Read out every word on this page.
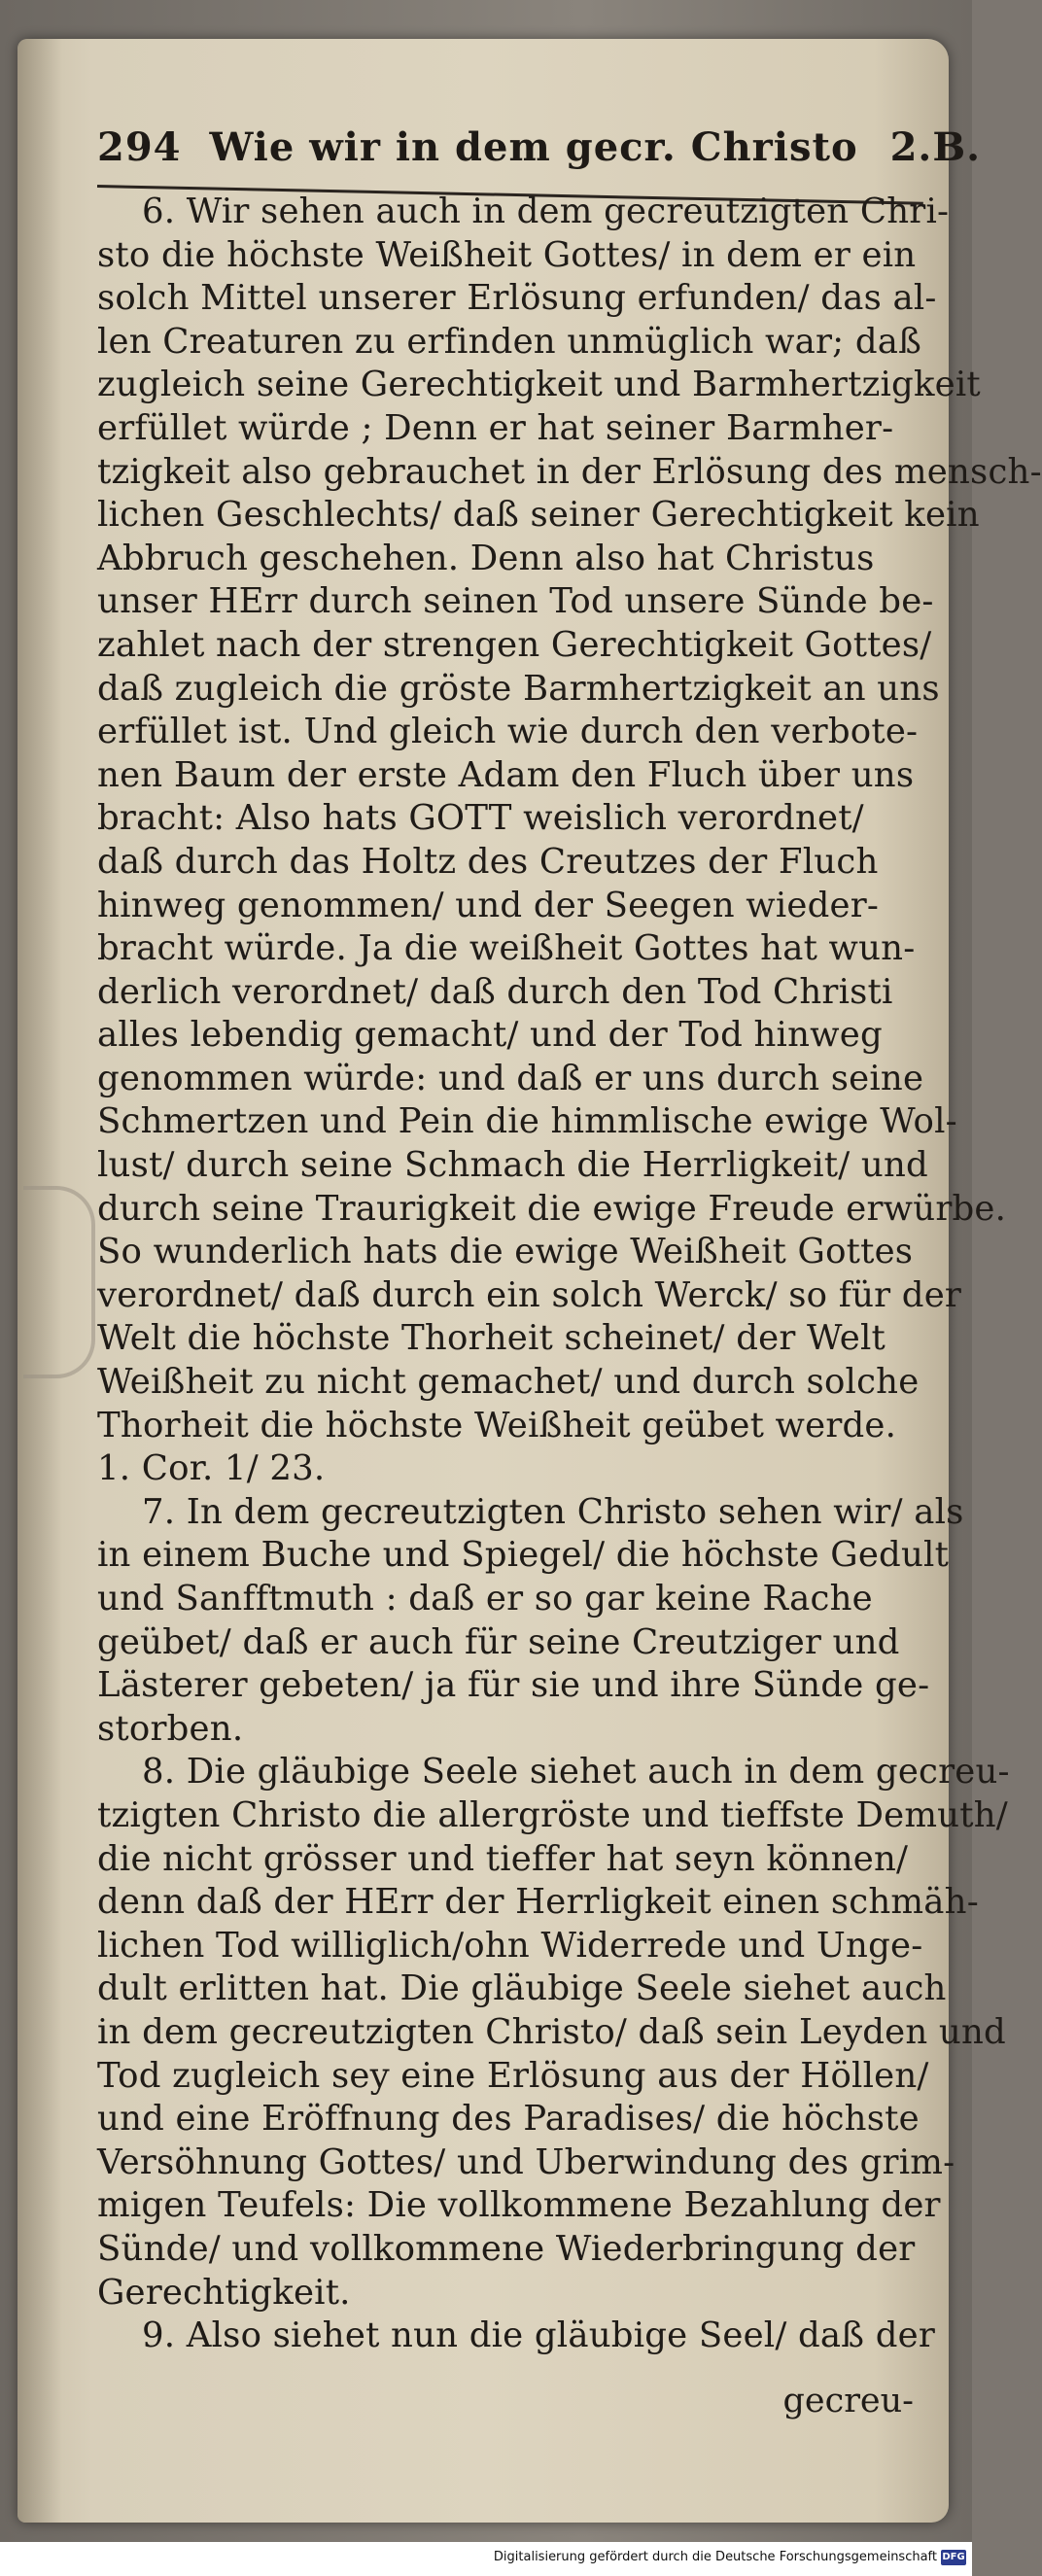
294 Wie wir in dem gecr. Christo 2.B.
6. Wir sehen auch in dem gecreutzigten Chri-
sto die höchste Weißheit Gottes/ in dem er ein
solch Mittel unserer Erlösung erfunden/ das al-
len Creaturen zu erfinden unmüglich war; daß
zugleich seine Gerechtigkeit und Barmhertzigkeit
erfüllet würde ; Denn er hat seiner Barmher-
tzigkeit also gebrauchet in der Erlösung des mensch-
lichen Geschlechts/ daß seiner Gerechtigkeit kein
Abbruch geschehen. Denn also hat Christus
unser HErr durch seinen Tod unsere Sünde be-
zahlet nach der strengen Gerechtigkeit Gottes/
daß zugleich die gröste Barmhertzigkeit an uns
erfüllet ist. Und gleich wie durch den verbote-
nen Baum der erste Adam den Fluch über uns
bracht: Also hats GOTT weislich verordnet/
daß durch das Holtz des Creutzes der Fluch
hinweg genommen/ und der Seegen wieder-
bracht würde. Ja die weißheit Gottes hat wun-
derlich verordnet/ daß durch den Tod Christi
alles lebendig gemacht/ und der Tod hinweg
genommen würde: und daß er uns durch seine
Schmertzen und Pein die himmlische ewige Wol-
lust/ durch seine Schmach die Herrligkeit/ und
durch seine Traurigkeit die ewige Freude erwürbe.
So wunderlich hats die ewige Weißheit Gottes
verordnet/ daß durch ein solch Werck/ so für der
Welt die höchste Thorheit scheinet/ der Welt
Weißheit zu nicht gemachet/ und durch solche
Thorheit die höchste Weißheit geübet werde.
1. Cor. 1/ 23.
7. In dem gecreutzigten Christo sehen wir/ als
in einem Buche und Spiegel/ die höchste Gedult
und Sanfftmuth : daß er so gar keine Rache
geübet/ daß er auch für seine Creutziger und
Lästerer gebeten/ ja für sie und ihre Sünde ge-
storben.
8. Die gläubige Seele siehet auch in dem gecreu-
tzigten Christo die allergröste und tieffste Demuth/
die nicht grösser und tieffer hat seyn können/
denn daß der HErr der Herrligkeit einen schmäh-
lichen Tod williglich/ohn Widerrede und Unge-
dult erlitten hat. Die gläubige Seele siehet auch
in dem gecreutzigten Christo/ daß sein Leyden und
Tod zugleich sey eine Erlösung aus der Höllen/
und eine Eröffnung des Paradises/ die höchste
Versöhnung Gottes/ und Uberwindung des grim-
migen Teufels: Die vollkommene Bezahlung der
Sünde/ und vollkommene Wiederbringung der
Gerechtigkeit.
9. Also siehet nun die gläubige Seel/ daß der
gecreu-
Digitalisierung gefördert durch die Deutsche Forschungsgemeinschaft DFG
